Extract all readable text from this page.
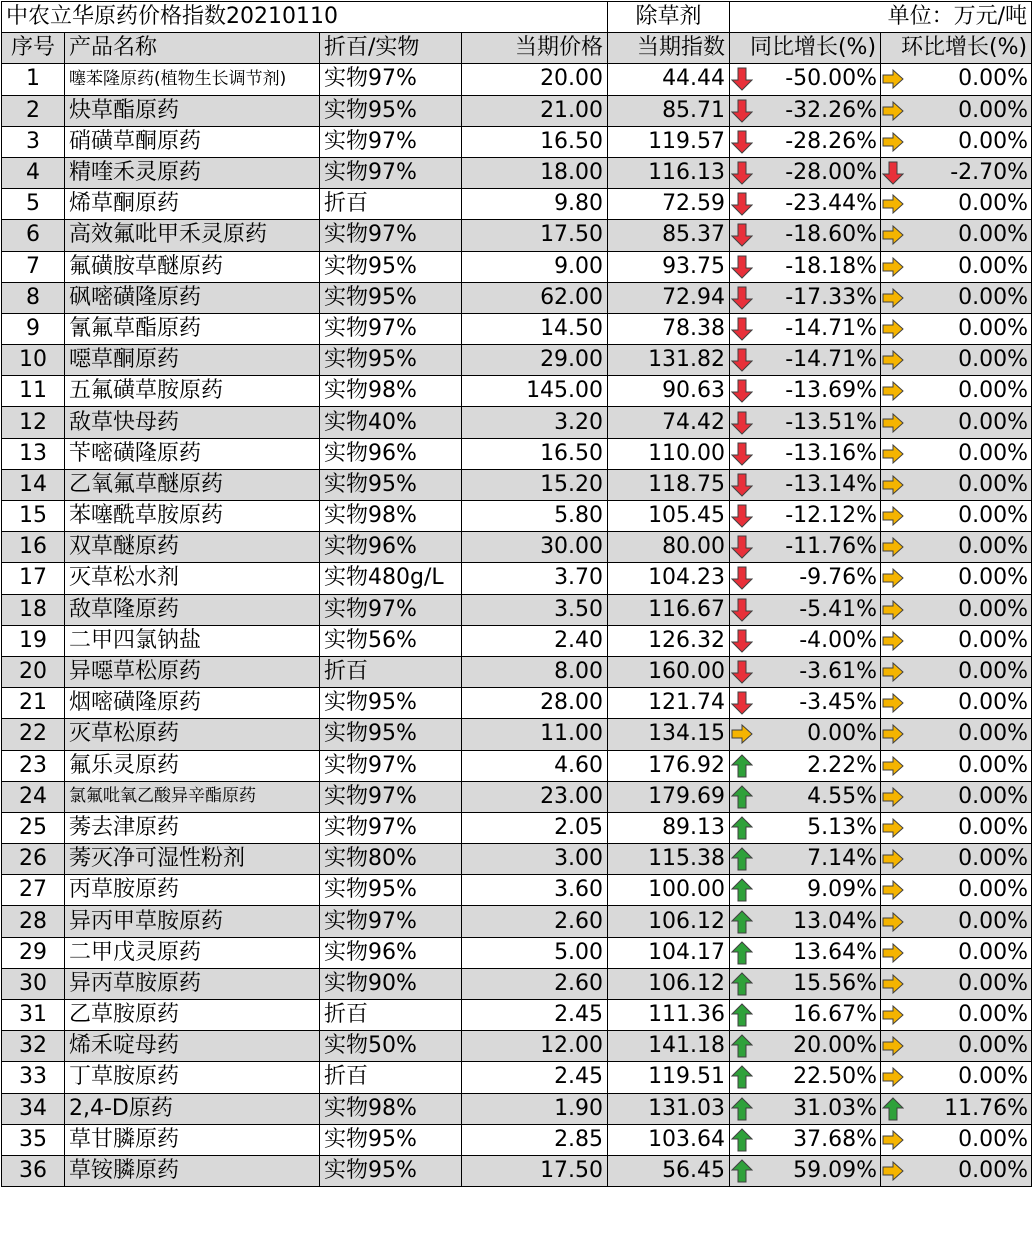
中农立华原药价格指数20210110				除草剂	单位：万元/吨	
序号	产品名称	折百/实物	当期价格	当期指数	同比增长(%)	环比增长(%)
1	噻苯隆原药(植物生长调节剂)	实物97%	20.00	44.44	-50.00%	0.00%

2	炔草酯原药	实物95%	21.00	85.71	-32.26%	0.00%

3	硝磺草酮原药	实物97%	16.50	119.57	-28.26%	0.00%

4	精喹禾灵原药	实物97%	18.00	116.13	-28.00%	-2.70%

5	烯草酮原药	折百	9.80	72.59	-23.44%	0.00%

6	高效氟吡甲禾灵原药	实物97%	17.50	85.37	-18.60%	0.00%

7	氟磺胺草醚原药	实物95%	9.00	93.75	-18.18%	0.00%

8	砜嘧磺隆原药	实物95%	62.00	72.94	-17.33%	0.00%

9	氰氟草酯原药	实物97%	14.50	78.38	-14.71%	0.00%

10	噁草酮原药	实物95%	29.00	131.82	-14.71%	0.00%

11	五氟磺草胺原药	实物98%	145.00	90.63	-13.69%	0.00%

12	敌草快母药	实物40%	3.20	74.42	-13.51%	0.00%

13	苄嘧磺隆原药	实物96%	16.50	110.00	-13.16%	0.00%

14	乙氧氟草醚原药	实物95%	15.20	118.75	-13.14%	0.00%

15	苯噻酰草胺原药	实物98%	5.80	105.45	-12.12%	0.00%

16	双草醚原药	实物96%	30.00	80.00	-11.76%	0.00%

17	灭草松水剂	实物480g/L	3.70	104.23	-9.76%	0.00%

18	敌草隆原药	实物97%	3.50	116.67	-5.41%	0.00%

19	二甲四氯钠盐	实物56%	2.40	126.32	-4.00%	0.00%

20	异噁草松原药	折百	8.00	160.00	-3.61%	0.00%

21	烟嘧磺隆原药	实物95%	28.00	121.74	-3.45%	0.00%

22	灭草松原药	实物95%	11.00	134.15	0.00%	0.00%

23	氟乐灵原药	实物97%	4.60	176.92	2.22%	0.00%

24	氯氟吡氧乙酸异辛酯原药	实物97%	23.00	179.69	4.55%	0.00%

25	莠去津原药	实物97%	2.05	89.13	5.13%	0.00%

26	莠灭净可湿性粉剂	实物80%	3.00	115.38	7.14%	0.00%

27	丙草胺原药	实物95%	3.60	100.00	9.09%	0.00%

28	异丙甲草胺原药	实物97%	2.60	106.12	13.04%	0.00%

29	二甲戊灵原药	实物96%	5.00	104.17	13.64%	0.00%

30	异丙草胺原药	实物90%	2.60	106.12	15.56%	0.00%

31	乙草胺原药	折百	2.45	111.36	16.67%	0.00%

32	烯禾啶母药	实物50%	12.00	141.18	20.00%	0.00%

33	丁草胺原药	折百	2.45	119.51	22.50%	0.00%

34	2,4-D原药	实物98%	1.90	131.03	31.03%	11.76%

35	草甘膦原药	实物95%	2.85	103.64	37.68%	0.00%

36	草铵膦原药	实物95%	17.50	56.45	59.09%	0.00%
